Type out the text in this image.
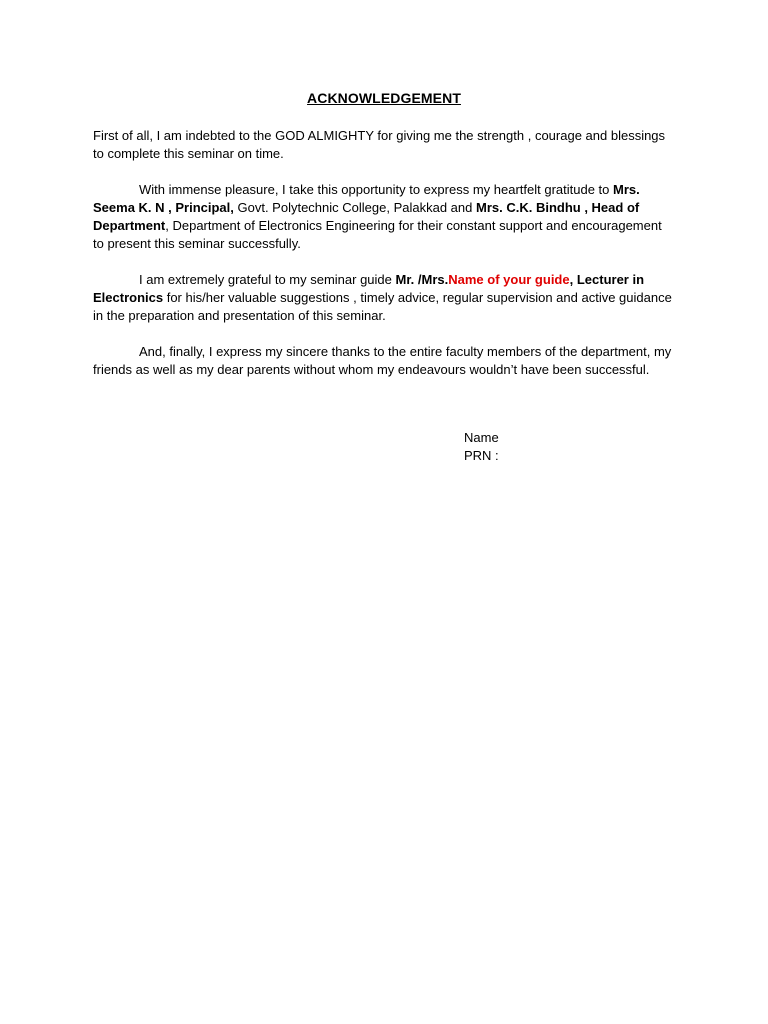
ACKNOWLEDGEMENT

First of all, I am indebted to the GOD ALMIGHTY for giving me the strength , courage and blessings to complete this seminar on time.

With immense pleasure, I take this opportunity to express my heartfelt gratitude to Mrs. Seema K. N , Principal, Govt. Polytechnic College, Palakkad and Mrs. C.K. Bindhu , Head of Department, Department of Electronics Engineering for their constant support and encouragement to present this seminar successfully.

I am extremely grateful to my seminar guide Mr. /Mrs.Name of your guide, Lecturer in Electronics for his/her valuable suggestions , timely advice, regular supervision and active guidance in the preparation and presentation of this seminar.

And, finally, I express my sincere thanks to the entire faculty members of the department, my friends as well as my dear parents without whom my endeavours wouldn’t have been successful.

Name
PRN :
